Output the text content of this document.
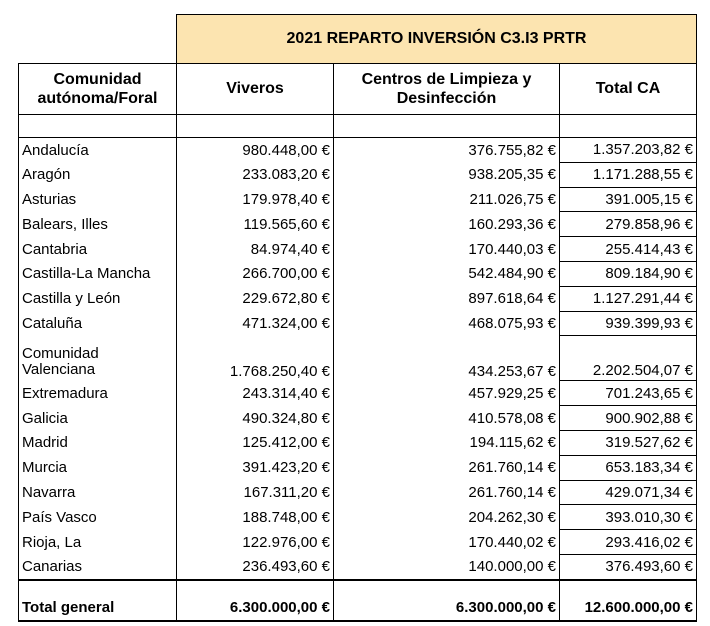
	2021 REPARTO INVERSIÓN C3.I3 PRTR		
Comunidad autónoma/Foral	Viveros	Centros de Limpieza y Desinfección	Total CA

Andalucía	980.448,00 €	376.755,82 €	1.357.203,82 €
Aragón	233.083,20 €	938.205,35 €	1.171.288,55 €
Asturias	179.978,40 €	211.026,75 €	391.005,15 €
Balears, Illes	119.565,60 €	160.293,36 €	279.858,96 €
Cantabria	84.974,40 €	170.440,03 €	255.414,43 €
Castilla-La Mancha	266.700,00 €	542.484,90 €	809.184,90 €
Castilla y León	229.672,80 €	897.618,64 €	1.127.291,44 €
Cataluña	471.324,00 €	468.075,93 €	939.399,93 €
Comunidad Valenciana	1.768.250,40 €	434.253,67 €	2.202.504,07 €
Extremadura	243.314,40 €	457.929,25 €	701.243,65 €
Galicia	490.324,80 €	410.578,08 €	900.902,88 €
Madrid	125.412,00 €	194.115,62 €	319.527,62 €
Murcia	391.423,20 €	261.760,14 €	653.183,34 €
Navarra	167.311,20 €	261.760,14 €	429.071,34 €
País Vasco	188.748,00 €	204.262,30 €	393.010,30 €
Rioja, La	122.976,00 €	170.440,02 €	293.416,02 €
Canarias	236.493,60 €	140.000,00 €	376.493,60 €

Total general	6.300.000,00 €	6.300.000,00 €	12.600.000,00 €
